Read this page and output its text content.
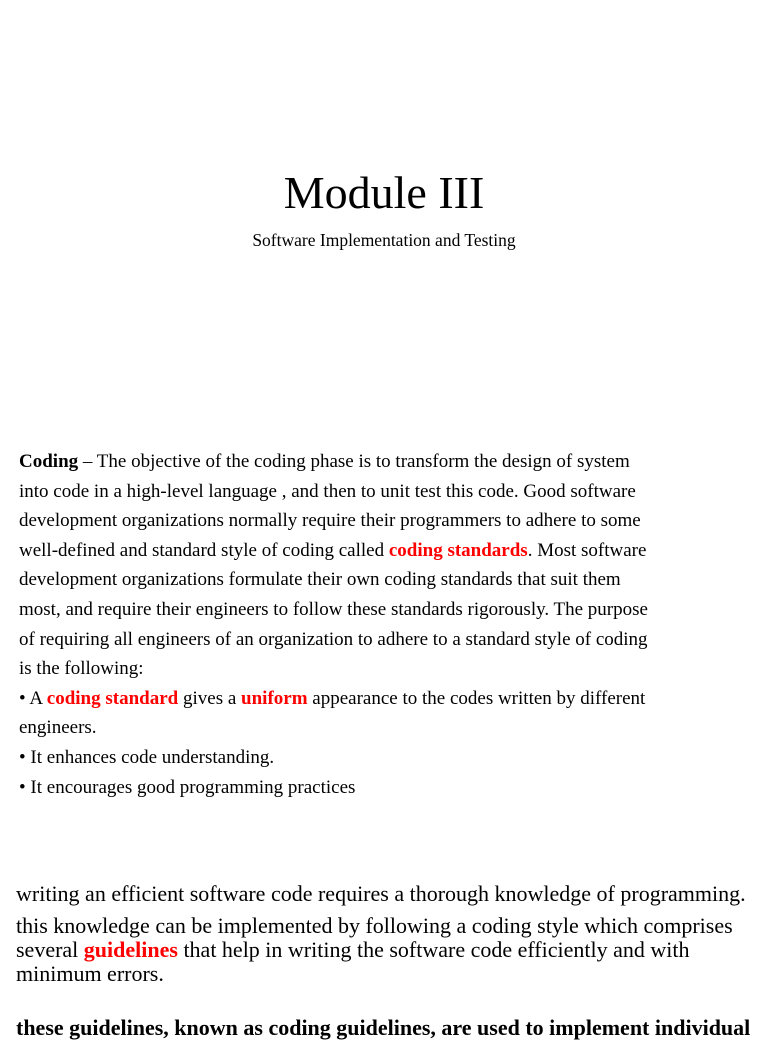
Module III
Software Implementation and Testing

Coding – The objective of the coding phase is to transform the design of system into code in a high-level language , and then to unit test this code. Good software development organizations normally require their programmers to adhere to some well-defined and standard style of coding called coding standards. Most software development organizations formulate their own coding standards that suit them most, and require their engineers to follow these standards rigorously. The purpose of requiring all engineers of an organization to adhere to a standard style of coding is the following:

• A coding standard gives a uniform appearance to the codes written by different engineers.
• It enhances code understanding.
• It encourages good programming practices

writing an efficient software code requires a thorough knowledge of programming.

this knowledge can be implemented by following a coding style which comprises several guidelines that help in writing the software code efficiently and with minimum errors.

these guidelines, known as coding guidelines, are used to implement individual
